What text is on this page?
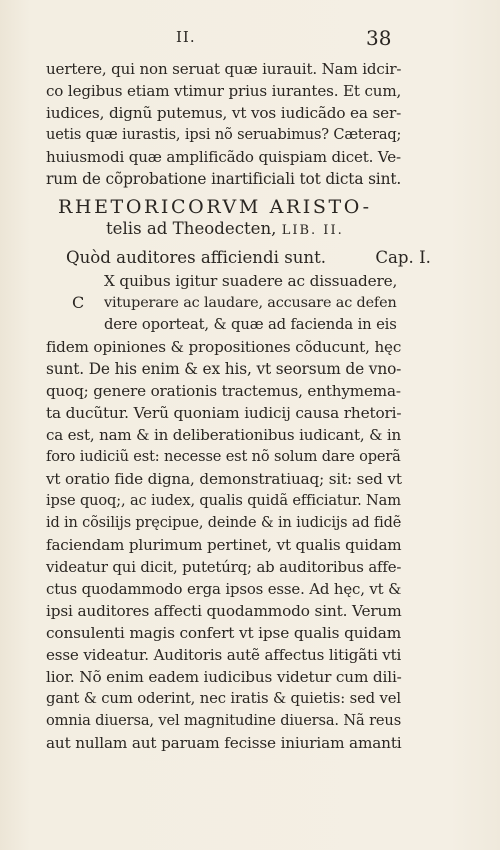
II.	38
uertere, qui non seruat quæ iurauit. Nam idcir-
co legibus etiam vtimur prius iurantes. Et cum,
iudices, dignũ putemus, vt vos iudicãdo ea ser-
uetis quæ iurastis, ipsi nõ seruabimus? Cæteraq;
huiusmodi quæ amplificãdo quispiam dicet. Ve-
rum de cõprobatione inartificiali tot dicta sint.
RHETORICORVM ARISTO-
telis ad Theodecten, LIB. II.
Quòd auditores afficiendi sunt.	Cap. I.
C
X quibus igitur suadere ac dissuadere,
vituperare ac laudare, accusare ac defen
dere oporteat, & quæ ad facienda in eis
fidem opiniones & propositiones cõducunt, hęc
sunt. De his enim & ex his, vt seorsum de vno-
quoq; genere orationis tractemus, enthymema-
ta ducũtur. Verũ quoniam iudicij causa rhetori-
ca est, nam & in deliberationibus iudicant, & in
foro iudiciũ est: necesse est nõ solum dare operã
vt oratio fide digna, demonstratiuaq; sit: sed vt
ipse quoq;, ac iudex, qualis quidã efficiatur. Nam
id in cõsilijs pręcipue, deinde & in iudicijs ad fidẽ
faciendam plurimum pertinet, vt qualis quidam
videatur qui dicit, putetúrq; ab auditoribus affe-
ctus quodammodo erga ipsos esse. Ad hęc, vt &
ipsi auditores affecti quodammodo sint. Verum
consulenti magis confert vt ipse qualis quidam
esse videatur. Auditoris autẽ affectus litigãti vti
lior. Nõ enim eadem iudicibus videtur cum dili-
gant & cum oderint, nec iratis & quietis: sed vel
omnia diuersa, vel magnitudine diuersa. Nã reus
aut nullam aut paruam fecisse iniuriam amanti
